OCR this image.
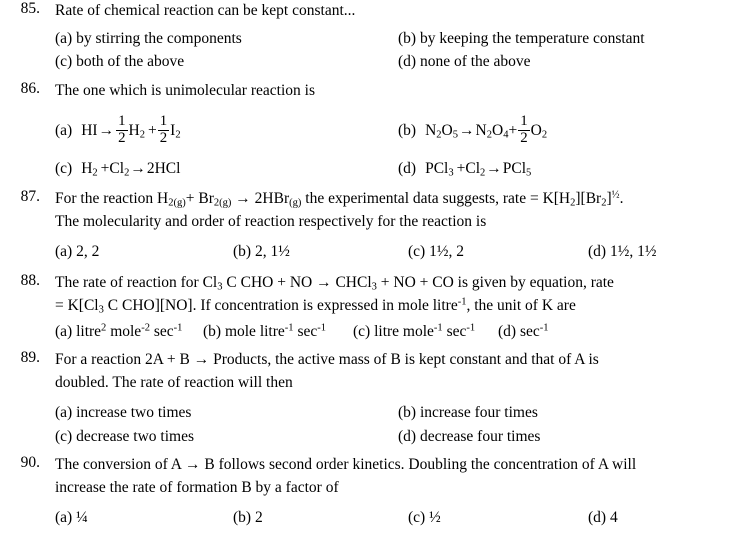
85. Rate of chemical reaction can be kept constant...
(a) by stirring the components	(b) by keeping the temperature constant
(c) both of the above	(d) none of the above
86. The one which is unimolecular reaction is
(a) HI → $\frac{1}{2} H_2 + \frac{1}{2} I_2$	(b) $N_2O_5 \to N_2O_4 + \frac{1}{2} O_2$
(c) $H_2 + Cl_2 \to 2HCl$	(d) $PCl_3 + Cl_2 \to PCl_5$
87. For the reaction $H_{2(g)}+ Br_{2(g)} \to 2HBr_{(g)}$ the experimental data suggests, rate = $K[H_2][Br_2]^{\frac{1}{2}}$.
The molecularity and order of reaction respectively for the reaction is
(a) 2, 2	(b) 2, 1½	(c) 1½, 2	(d) 1½, 1½
88. The rate of reaction for $Cl_3$ C CHO + NO → CHCl$_3$ + NO + CO is given by equation, rate
= $K[Cl_3$ C CHO][NO]. If concentration is expressed in mole litre$^{-1}$, the unit of K are
(a) litre$^2$ mole$^{-2}$ $\sec^{-1}$	(b) mole litre$^{-1}$ $\sec^{-1}$	(c) litre mole$^{-1}$ $\sec^{-1}$	(d) $\sec^{-1}$
89. For a reaction 2A + B → Products, the active mass of B is kept constant and that of A is
doubled. The rate of reaction will then
(a) increase two times	(b) increase four times
(c) decrease two times	(d) decrease four times
90. The conversion of A → B follows second order kinetics. Doubling the concentration of A will
increase the rate of formation B by a factor of
(a) ¼	(b) 2	(c) ½	(d) 4
